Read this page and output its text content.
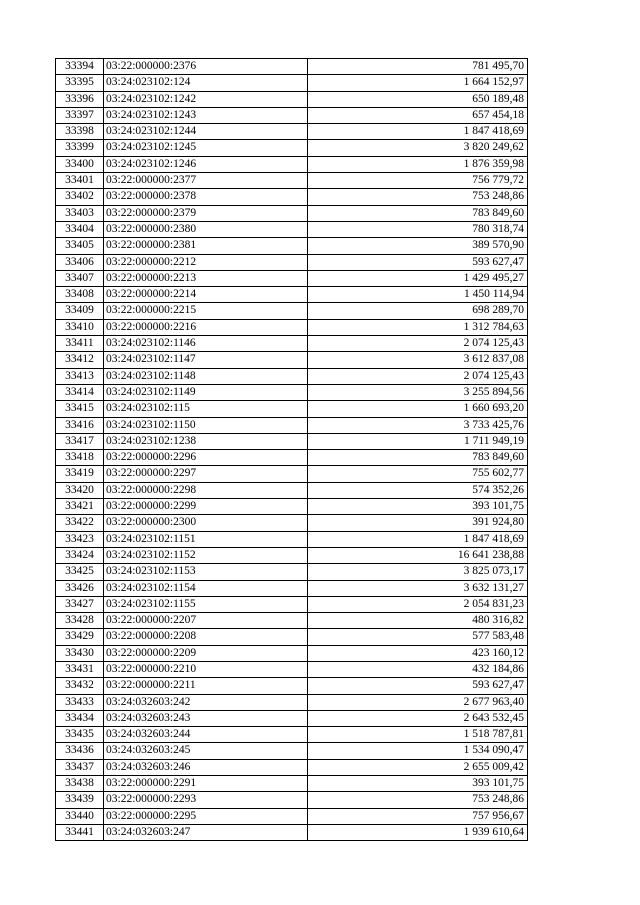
33394	03:22:000000:2376	781 495,70
33395	03:24:023102:124	1 664 152,97
33396	03:24:023102:1242	650 189,48
33397	03:24:023102:1243	657 454,18
33398	03:24:023102:1244	1 847 418,69
33399	03:24:023102:1245	3 820 249,62
33400	03:24:023102:1246	1 876 359,98
33401	03:22:000000:2377	756 779,72
33402	03:22:000000:2378	753 248,86
33403	03:22:000000:2379	783 849,60
33404	03:22:000000:2380	780 318,74
33405	03:22:000000:2381	389 570,90
33406	03:22:000000:2212	593 627,47
33407	03:22:000000:2213	1 429 495,27
33408	03:22:000000:2214	1 450 114,94
33409	03:22:000000:2215	698 289,70
33410	03:22:000000:2216	1 312 784,63
33411	03:24:023102:1146	2 074 125,43
33412	03:24:023102:1147	3 612 837,08
33413	03:24:023102:1148	2 074 125,43
33414	03:24:023102:1149	3 255 894,56
33415	03:24:023102:115	1 660 693,20
33416	03:24:023102:1150	3 733 425,76
33417	03:24:023102:1238	1 711 949,19
33418	03:22:000000:2296	783 849,60
33419	03:22:000000:2297	755 602,77
33420	03:22:000000:2298	574 352,26
33421	03:22:000000:2299	393 101,75
33422	03:22:000000:2300	391 924,80
33423	03:24:023102:1151	1 847 418,69
33424	03:24:023102:1152	16 641 238,88
33425	03:24:023102:1153	3 825 073,17
33426	03:24:023102:1154	3 632 131,27
33427	03:24:023102:1155	2 054 831,23
33428	03:22:000000:2207	480 316,82
33429	03:22:000000:2208	577 583,48
33430	03:22:000000:2209	423 160,12
33431	03:22:000000:2210	432 184,86
33432	03:22:000000:2211	593 627,47
33433	03:24:032603:242	2 677 963,40
33434	03:24:032603:243	2 643 532,45
33435	03:24:032603:244	1 518 787,81
33436	03:24:032603:245	1 534 090,47
33437	03:24:032603:246	2 655 009,42
33438	03:22:000000:2291	393 101,75
33439	03:22:000000:2293	753 248,86
33440	03:22:000000:2295	757 956,67
33441	03:24:032603:247	1 939 610,64
